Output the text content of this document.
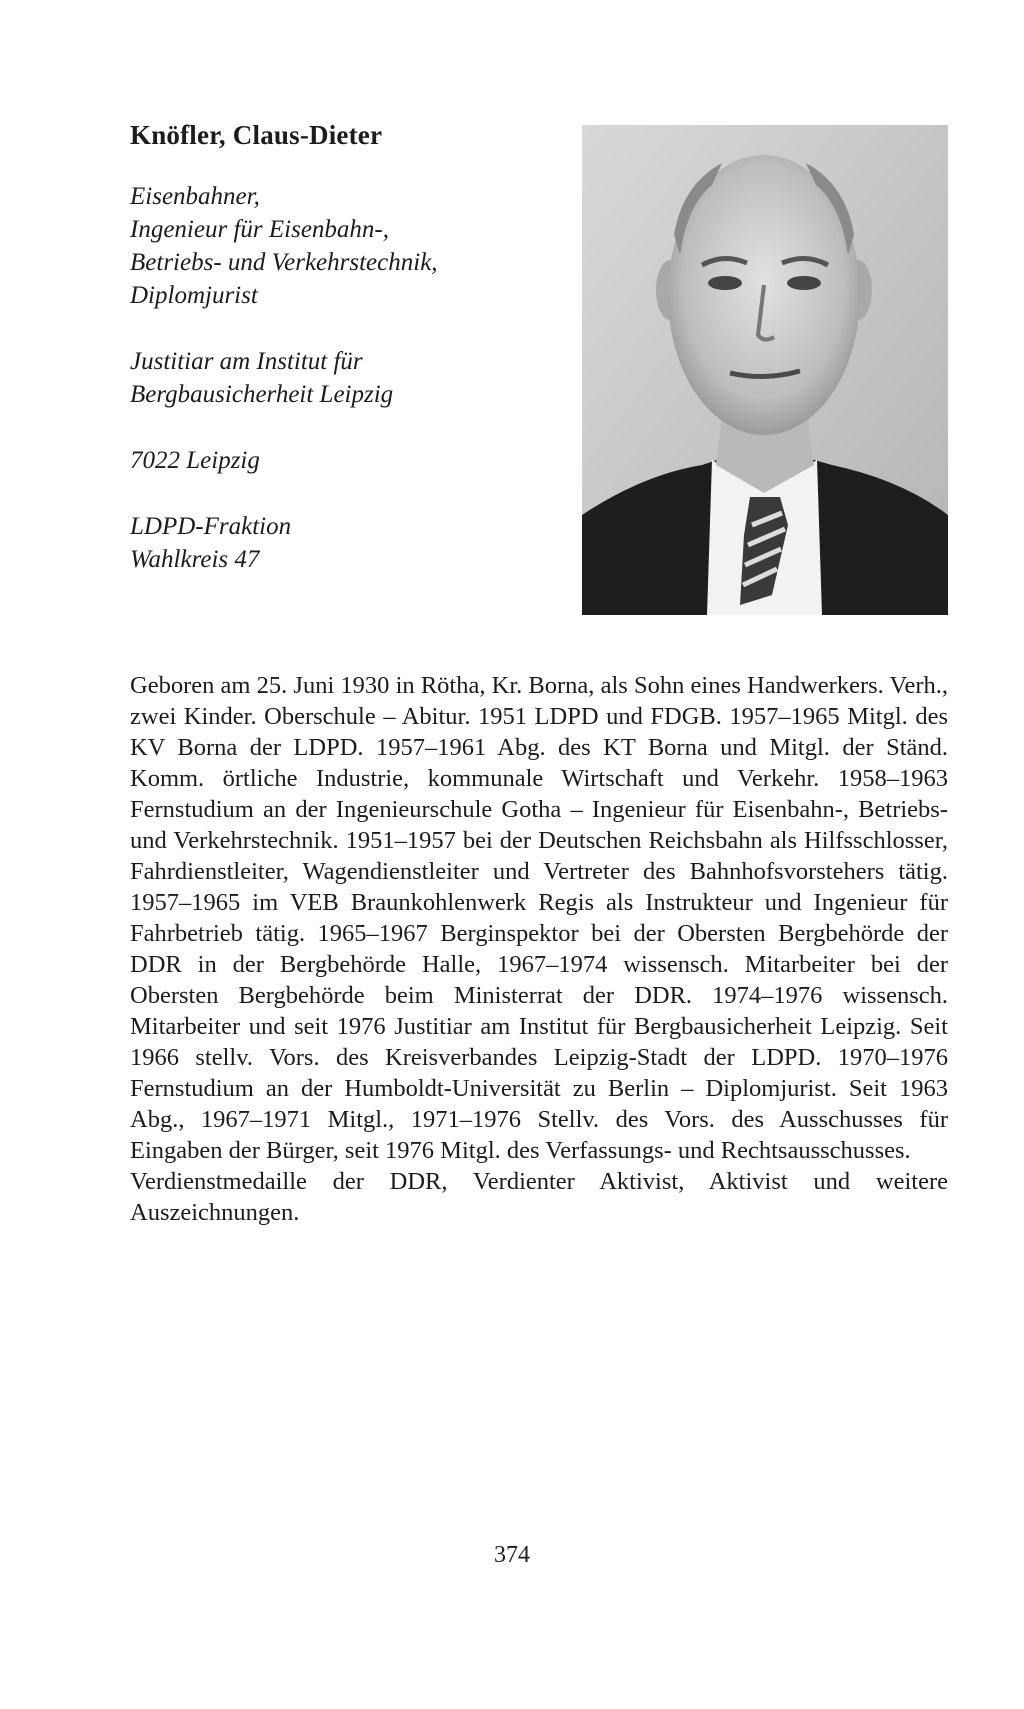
Knöfler, Claus-Dieter
Eisenbahner,
Ingenieur für Eisenbahn-,
Betriebs- und Verkehrstechnik,
Diplomjurist
Justitiar am Institut für
Bergbausicherheit Leipzig
7022 Leipzig
LDPD-Fraktion
Wahlkreis 47

Geboren am 25. Juni 1930 in Rötha, Kr. Borna, als Sohn eines Handwerkers. Verh., zwei Kinder. Oberschule – Abitur. 1951 LDPD und FDGB. 1957–1965 Mitgl. des KV Borna der LDPD. 1957–1961 Abg. des KT Borna und Mitgl. der Ständ. Komm. örtliche Industrie, kommunale Wirtschaft und Verkehr. 1958–1963 Fernstudium an der Ingenieurschule Gotha – Ingenieur für Eisenbahn-, Betriebs- und Verkehrstechnik. 1951–1957 bei der Deutschen Reichsbahn als Hilfsschlosser, Fahrdienstleiter, Wagendienstleiter und Vertreter des Bahnhofsvorstehers tätig. 1957–1965 im VEB Braunkohlenwerk Regis als Instrukteur und Ingenieur für Fahrbetrieb tätig. 1965–1967 Berginspektor bei der Obersten Bergbehörde der DDR in der Bergbehörde Halle, 1967–1974 wissensch. Mitarbeiter bei der Obersten Bergbehörde beim Ministerrat der DDR. 1974–1976 wissensch. Mitarbeiter und seit 1976 Justitiar am Institut für Bergbausicherheit Leipzig. Seit 1966 stellv. Vors. des Kreisverbandes Leipzig-Stadt der LDPD. 1970–1976 Fernstudium an der Humboldt-Universität zu Berlin – Diplomjurist. Seit 1963 Abg., 1967–1971 Mitgl., 1971–1976 Stellv. des Vors. des Ausschusses für Eingaben der Bürger, seit 1976 Mitgl. des Verfassungs- und Rechtsausschusses.

Verdienstmedaille der DDR, Verdienter Aktivist, Aktivist und weitere Auszeichnungen.

374
